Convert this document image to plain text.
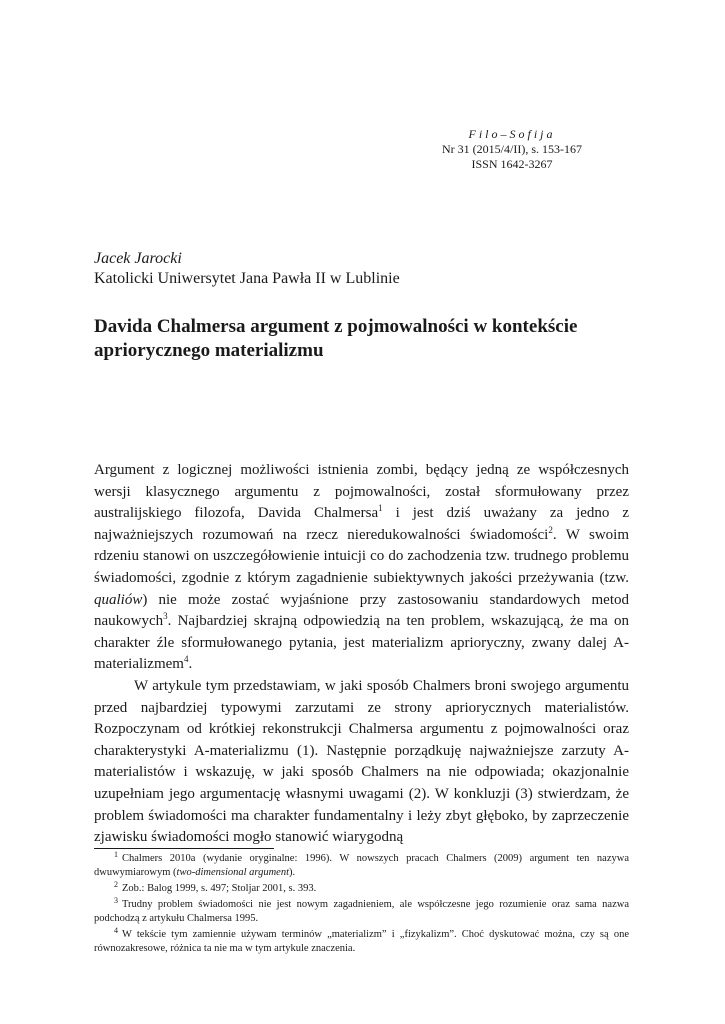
Filo–Sofija
Nr 31 (2015/4/II), s. 153-167
ISSN 1642-3267
Jacek Jarocki
Katolicki Uniwersytet Jana Pawła II w Lublinie
Davida Chalmersa argument z pojmowalności w kontekście apriorycznego materializmu

Argument z logicznej możliwości istnienia zombi, będący jedną ze współczesnych wersji klasycznego argumentu z pojmowalności, został sformułowany przez australijskiego filozofa, Davida Chalmersa$^1$ i jest dziś uważany za jedno z najważniejszych rozumowań na rzecz nieredukowalności świadomości$^2$. W swoim rdzeniu stanowi on uszczegółowienie intuicji co do zachodzenia tzw. trudnego problemu świadomości, zgodnie z którym zagadnienie subiektywnych jakości przeżywania (tzw. qualiów) nie może zostać wyjaśnione przy zastosowaniu standardowych metod naukowych$^3$. Najbardziej skrajną odpowiedzią na ten problem, wskazującą, że ma on charakter źle sformułowanego pytania, jest materializm aprioryczny, zwany dalej A-materializmem$^4$.

W artykule tym przedstawiam, w jaki sposób Chalmers broni swojego argumentu przed najbardziej typowymi zarzutami ze strony apriorycznych materialistów. Rozpoczynam od krótkiej rekonstrukcji Chalmersa argumentu z pojmowalności oraz charakterystyki A-materializmu (1). Następnie porządkuję najważniejsze zarzuty A-materialistów i wskazuję, w jaki sposób Chalmers na nie odpowiada; okazjonalnie uzupełniam jego argumentację własnymi uwagami (2). W konkluzji (3) stwierdzam, że problem świadomości ma charakter fundamentalny i leży zbyt głęboko, by zaprzeczenie zjawisku świadomości mogło stanowić wiarygodną

$^1$ Chalmers 2010a (wydanie oryginalne: 1996). W nowszych pracach Chalmers (2009) argument ten nazywa dwuwymiarowym (two-dimensional argument).

$^2$ Zob.: Balog 1999, s. 497; Stoljar 2001, s. 393.

$^3$ Trudny problem świadomości nie jest nowym zagadnieniem, ale współczesne jego rozumienie oraz sama nazwa podchodzą z artykułu Chalmersa 1995.

$^4$ W tekście tym zamiennie używam terminów „materializm” i „fizykalizm”. Choć dyskutować można, czy są one równozakresowe, różnica ta nie ma w tym artykule znaczenia.
